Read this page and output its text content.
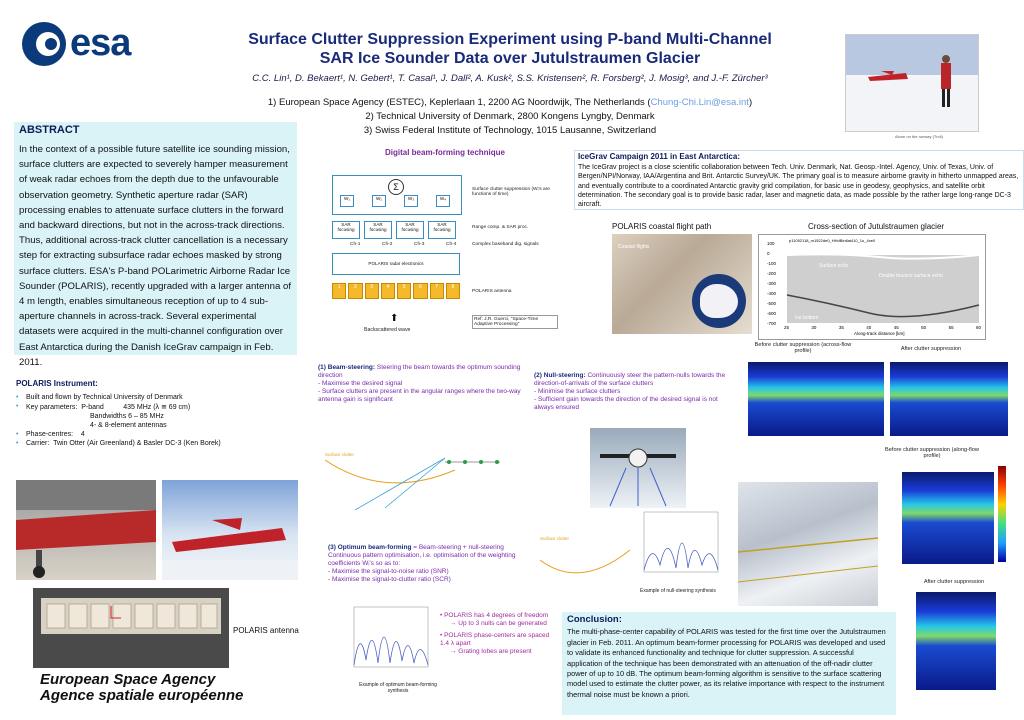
esa	Surface Clutter Suppression Experiment using P-band Multi-Channel
SAR Ice Sounder Data over Jutulstraumen Glacier
C.C. Lin¹, D. Bekaert¹, N. Gebert¹, T. Casal¹, J. Dall², A. Kusk², S.S. Kristensen², R. Forsberg², J. Mosig³, and J.-F. Zürcher³
1) European Space Agency (ESTEC), Keplerlaan 1, 2200 AG Noordwijk, The Netherlands (Chung-Chi.Lin@esa.int)
2) Technical University of Denmark, 2800 Kongens Lyngby, Denmark
3) Swiss Federal Institute of Technology, 1015 Lausanne, Switzerland
Alone on the runway (Troll)
ABSTRACT

In the context of a possible future satellite ice sounding mission, surface clutters are expected to severely hamper measurement of weak radar echoes from the depth due to the unfavourable observation geometry. Synthetic aperture radar (SAR) processing enables to attenuate surface clutters in the forward and backward directions, but not in the across-track directions. Thus, additional across-track clutter cancellation is a necessary step for extracting subsurface radar echoes masked by strong surface clutters. ESA's P-band POLarimetric Airborne Radar Ice Sounder (POLARIS), recently upgraded with a larger antenna of 4 m length, enables simultaneous reception of up to 4 sub-aperture channels in across-track. Several experimental datasets were acquired in the multi-channel configuration over East Antarctica during the Danish IceGrav campaign in Feb. 2011.

POLARIS Instrument:
•	Built and flown by Technical University of Denmark
•	Key parameters:  P-band          435 MHz (λ ≅ 69 cm)
Bandwidths 6 – 85 MHz
4- & 8-element antennas
•	Phase-centres:    4
•	Carrier:  Twin Otter (Air Greenland) & Basler DC-3 (Ken Borek)
POLARIS antenna
European Space Agency
Agence spatiale européenne
Digital beam-forming technique
Σ
W₁	W₂	W₃	W₄
SAR focusing
SAR focusing
SAR focusing
SAR focusing
Ch-1	Ch-2	Ch-3	Ch-4
POLARIS radar electronics
1	2	3	4	5	6	7	8
⬆
Backscattered wave
Surface clutter suppression (Wᵢ's are functions of time)
Range comp. & SAR proc.
Complex baseband dig. signals
POLARIS antenna
Ref: J.R. Guerci, "Space-Time Adaptive Processing"
IceGrav Campaign 2011 in East Antarctica:
The IceGrav project is a close scientific collaboration between Tech. Univ. Denmark, Nat. Geosp.-Intel. Agency, Univ. of Texas, Univ. of Bergen/NPI/Norway, IAA/Argentina and Brit. Antarctic Survey/UK. The primary goal is to measure airborne gravity in hitherto unmapped areas, and eventually contribute to a coordinated Antarctic gravity grid compilation, for basic use in geodesy, geophysics, and satellite orbit determination. The secondary goal is to provide basic radar, laser and magnetic data, as made possible by the rather large long-range DC-3 aircraft.
POLARIS coastal flight path
Coastal flights
Cross-section of Jutulstraumen glacier
p11052118_m1522de0_HHdBinflat410_1u_4xe0
Surface echo
Double bounce surface echo
Ice bottom
Along-track distance [km]
25	30	35	40	45	50	55	60
100
0
-100
-200
-300
-400
-500
-600
-700
Before clutter suppression (across-flow profile)	After clutter suppression
Before clutter suppression (along-flow profile)
After clutter suppression
(1) Beam-steering: Steering the beam towards the optimum sounding direction
- Maximise the desired signal
- Surface clutters are present in the angular ranges where the two-way antenna gain is significant
(2) Null-steering: Continuously steer the pattern-nulls towards the direction-of-arrivals of the surface clutters
- Minimise the surface clutters
- Sufficient gain towards the direction of the desired signal is not always ensured
Surface clutter
Surface clutter
Example of null-steering synthesis
(3) Optimum beam-forming = Beam-steering + null-steering Continuous pattern optimisation, i.e. optimisation of the weighting coefficients Wᵢ's so as to:
- Maximise the signal-to-noise ratio (SNR)
- Maximise the signal-to-clutter ratio (SCR)
Example of optimum beam-forming synthesis
• POLARIS has 4 degrees of freedom
→ Up to 3 nulls can be generated
• POLARIS phase-centers are spaced 1.4 λ apart
→ Grating lobes are present
Conclusion:
The multi-phase-center capability of POLARIS was tested for the first time over the Jutulstraumen glacier in Feb. 2011. An optimum beam-former processing for POLARIS was developed and used to validate its enhanced functionality and technique for clutter suppression. A successful application of the technique has been demonstrated with an attenuation of the off-nadir clutter power of up to 10 dB. The optimum beam-forming algorithm is sensitive to the surface scattering model used to estimate the clutter power, as its relative importance with respect to the instrument thermal noise must be known a priori.
